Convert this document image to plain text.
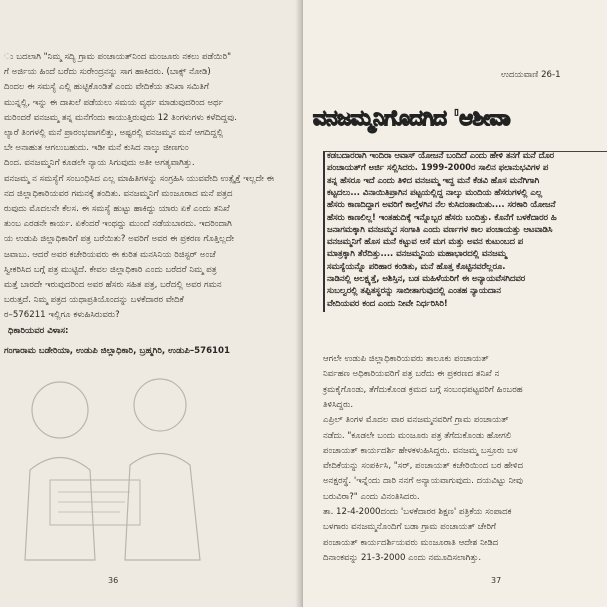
ು ಬದಲಾಗಿ "ನಿಮ್ಮ ಸದ್ಯಿ ಗ್ರಾಮ ಪಂಚಾಯತ್‌ನಿಂದ ಮಂಜೂರು ನಕಲು ಪಡೆಯಿರಿ"
ಗೆ ಅರ್ಜಿಯ ಹಿಂದೆ ಬರೆದು ಸುರೇಂದ್ರನನ್ನು ಸಾಗ ಹಾಕಿದರು. (ಬಾಕ್ಸ್ ನೋಡಿ)
ದಿಂದಲ ಈ ಸಮಸ್ಯೆ ಎಲ್ಲಿ ಹುಟ್ಟಿಕೊಂಡಿತೆ ಎಂದು ವೇದಿಕೆಯ ತನಿಖಾ ಸಮಿತಿಗೆ
ಮುನ್ನಲ್ಲಿ, ಇನ್ನು ಈ ದಾಖಲೆ ಪಡೆಯಲು ಸಮಯ ವ್ಯರ್ಥ ಮಾಡುವುದರಿಂದ ಅರ್ಥ
ಮರಿಂದರೆ ವನಜಮ್ಮ ತನ್ನ ಮನೆಗೆಂದು ಕಾಯುತ್ತಿರುವುದು 12 ತಿಂಗಳುಗಳು ಕಳೆದಿದ್ದವು.
ಲ್ಯಾರೆ ತಿಂಗಳಲ್ಲಿ ಮನೆ ಪ್ರಾರಂಭವಾಗಲಿತ್ತು, ಅಷ್ಟರಲ್ಲಿ ವನಜಮ್ಮನ ಮನೆ ಆಗದಿದ್ದಲ್ಲಿ
ಬೇ ಅನಾಹುತ ಆಗಲುಬಹುದು. ಇಡೀ ಮನೆ ಕುಸಿದ ನಾಲ್ಕು ಜೀಣಗುಂ
ದಿಂದ. ವನಜಮ್ಮನಿಗೆ ಕೂಡಲೇ ನ್ಯಾಯ ಸಿಗುವುದು ಅತೀ ಅಗತ್ಯವಾಗಿತ್ತು.
ವನಜಮ್ಮ ನ ಸಮಸ್ಯೆಗೆ ಸಂಬಂಧಿಸಿದ ಎಲ್ಲ ಮಾಹಿತಿಗಳನ್ನು ಸಂಗ್ರಹಿಸಿ ಯುವವೇದಿ ಉತ್ಸೈಕ್ತೆ ಇಲ್ಲದೇ ಈ
ನದ ಜಿಲ್ಲಾಧಿಕಾರಿಯವರ ಗಮನಕ್ಕೆ ತಂದಿತು. ವನಜಮ್ಮನಿಗೆ ಮಂಜೂರಾದ ಮನೆ ಪತ್ರದ
ರುವುದು ಮೊದಲನೇ ಕೆಲಸ. ಈ ಸಮಸ್ಯೆ ಹುಟ್ಟು ಹಾಕಿದ್ದು ಯಾರು ಏಕೆ ಎಂದು ತನಿಖೆ
ತುಂಬ ಎರಡನೇ ಕಾರ್ಯ. ಏಕೆಂದರೆ ಇಂಥದ್ದು ಮುಂದೆ ನಡೆಯಬಾರದು. ಇದರಿಂದಾಗಿ
ಯ ಉಡುಪಿ ಜಿಲ್ಲಾಧಿಕಾರಿಗೆ ಪತ್ರ ಬರೆಯಿತು? ಅವರಿಗೆ ಅವರ ಈ ಪ್ರಕರಣ ಗೊತ್ತಿಲ್ಲದೇ
ಜವಾಬು. ಆದರೆ ಅವರ ಕಚೇರಿಯವರು ಈ ಕುರಿತ ಮನಸಿನಿಯ ರಿಜಿಸ್ಟರ್ ಅಂಚೆ
ಸ್ವೀಕರಿಸಿದ ಬಗ್ಗೆ ಪತ್ರ ಮುಟ್ಟಿದೆ. ಕೇವಲ ಜಿಲ್ಲಾಧಿಕಾರಿ ಎಂದು ಬರೆದರೆ ನಿಮ್ಮ ಪತ್ರ
ಮತ್ತೆ ಬಾರದೇ ಇರುವುದರಿಂದ ಅವರ ಹೆಸರು ಸಹಿತ ಪತ್ರ, ಬರೆದಲ್ಲಿ ಅವರ ಗಮನ
ಬರುತ್ತದೆ. ನಿಮ್ಮ ಪತ್ರದ ಯಥಾಪ್ರತಿಯೊಂದನ್ನು ಬಳಕೆದಾರರ ವೇದಿಕೆ
ರ–576211 ಇಲ್ಲಿಗೂ ಕಳುಹಿಸಿರುವರು?
ಧಿಕಾರಿಯವರ ವಿಳಾಸ:
ಗಂಗಾರಾಮ ಬಡೇರಿಯಾ, ಉಡುಪಿ ಜಿಲ್ಲಾಧಿಕಾರಿ, ಬ್ರಹ್ಮಗಿರಿ, ಉಡುಪಿ–576101
36
ಉದಯವಾಣಿ 26-1
ವನಜಮ್ಮನಿಗೊದಗಿದ 'ಆಶೀವಾ
ಕಡಬದಾರರಾಗಿ ಇಂದಿರಾ ಆವಾಸ್ ಯೋಜನೆ ಬಂದಿದೆ ಎಂದು ಹೇಳಿ ತನಗೆ ಮನೆ ದೊರ
ಪಂಚಾಯತ್‌ಗೆ ಅರ್ಜಿ ಸಲ್ಲಿಸಿದರು. 1999-2000ರ ಸಾಲಿನ ಫಲಾನುಭವಿಗಳ ಪ
ತನ್ನ ಹೆಸರೂ ಇದೆ ಎಂದು ತಿಳಿದ ವನಜಮ್ಮ ಇದ್ದ ಮನೆ ಕೆಡವಿ ಹೊಸ ಮನೆಗಿಗಾಗಿ
ಕಟ್ಟದಲು... ವಿನಾಯಿತಿಪ್ರಾಗಿನ ಪಟ್ಟಯಲ್ಲಿದ್ದ ನಾಲ್ಕು ಮಂದಿಯ ಹೆಸರುಗಳಲ್ಲಿ ಎಲ್ಲ
ಹೆಸರು ಕಾಣದಿದ್ದಾಗ ಅವರಿಗೆ ಕಾಲ್ತೆಳಗಿನ ನೆಲ ಕುಸಿದಂತಾಯಿತು.... ಸರಕಾರಿ ಯೋಜನೆ
ಹೆಸರು ಕಾಣಲಿಲ್ಲ! ಇಂತಹುದಿಕ್ಕೆ ಇನ್ನೊಬ್ಬರ ಹೆಸರು ಬಂದಿತ್ತು. ಕೊನೆಗೆ ಬಳಕೆದಾರರ ಹಿ
ಜನಾಗಮಕ್ಕಾಗಿ ವನಜಮ್ಮನ ಸಂಗಾತಿ ಎಂದು ವರ್ಣಗಳ ಕಾಲ ಪಂಚಾಯತ್ತು ಆಟವಾಡಿಸಿ
ವನಜಮ್ಮನಿಗೆ ಹೊಸ ಮನೆ ಕಟ್ಟುವ ಆಸೆ ಮಗ ಮತ್ತು ಅವನ ಕುಟುಂಬದ ಪ
ಮಾತ್ರಕ್ಕಾಗಿ ತೆರೆದಿತ್ತು.... ವನಜಮ್ಮನಿಯ ಮಹಾಭಾರದಲ್ಲಿ ವನಜಮ್ಮ
ಸಮಸ್ಯೆಯನ್ನೊ ಪರಿಹಾರ ಕಂಡಿತು, ಮನೆ ಹೊತ್ತ ಕೊಟ್ಟಿನವರೆಲ್ಲರೂ.
ನಾಡಿನಲ್ಲಿ ಅಲಕ್ಷ್ಯತ್ತೆ, ಅಶಿಸ್ತಿನ, ಬಡ ಮಹಿಳೆಯರಿಗೆ ಈ ಅನ್ಯಾಯವೆಸಗಿದವರ
ಸುಬಲ್ವರಲ್ಲಿ ತಪ್ಪಿತಸ್ಥರನ್ನು ಸಾಬೀತಾಗುವುದಲ್ಲಿ ಎಂತಹ ನ್ಯಾಯದಾನ
ವೇದಿಯವರ ಕಂದ ಎಂದು ನೀವೇ ನಿರ್ಧರಿಸಿರಿ!
ಆಗಲೇ ಉಡುಪಿ ಜಿಲ್ಲಾಧಿಕಾರಿಯವರು ತಾಲೂಕು ಪಂಚಾಯತ್
ನಿರ್ವಹಣ ಅಧಿಕಾರಿಯವರಿಗೆ ಪತ್ರ ಬರೆದು ಈ ಪ್ರಕರಣದ ತನಿಖೆ ನ
ಕ್ರಮಕೈಗೊಂಡು, ತೆಗೆದುಕೊಂಡ ಕ್ರಮದ ಬಗ್ಗೆ ಸಂಬಂಧಪಟ್ಟವರಿಗೆ ಹಿಂಬರಹ
ತಿಳಿಸಿದ್ದರು.
ಎಪ್ರಿಲ್ ತಿಂಗಳ ಮೊದಲ ವಾರ ವನಜಮ್ಮನವರಿಗೆ ಗ್ರಾಮ ಪಂಚಾಯತ್
ನಡೆದು. "ಕೂಡಲೇ ಬಂದು ಮಂಜೂರು ಪತ್ರ ತೆಗೆದುಕೊಂಡು ಹೋಗಲಿ
ಪಂಚಾಯತ್ ಕಾರ್ಯದರ್ಶಿ ಹೇಳಕಳುಹಿಸಿದ್ದರು. ವನಜಮ್ಮ ಬಸ್ರೂರು ಬಳ
ವೇದಿಕೆಯನ್ನು ಸಂಪರ್ಕಿಸಿ, "ಸರ್, ಪಂಚಾಯತ್ ಕಚೇರಿಯಿಂದ ಬರ ಹೇಳಿದ
ಅನಕ್ಷರಸ್ಥೆ. 'ಇನ್ನೆಂದು ದಾರಿ ನನಗೆ ಅನ್ಯಾಯವಾಗುವುದು. ದಯವಿಟ್ಟು ನೀವು
ಬರುವಿರಾ?" ಎಂದು ವಿನಂತಿಸಿದರು.
ತಾ. 12-4-2000ದಂದು 'ಬಳಕೆದಾರರ ಶಿಕ್ಷಣ' ಪತ್ರಿಕೆಯ ಸಂಪಾದಕ
ಬಳಗಾರು ವನಜಮ್ಮನೊಂದಿಗೆ ಬಡಾ ಗ್ರಾಮ ಪಂಚಾಯತ್ ಚೇರಿಗೆ
ಪಂಚಾಯತ್ ಕಾರ್ಯದರ್ಶಿಯವರು ಮಂಜೂರಾತಿ ಆದೇಶ ನೀಡಿದ
ದಿನಾಂಕವನ್ನು 21-3-2000 ಎಂದು ನಮೂದಿಸಲಾಗಿತ್ತು.
37
